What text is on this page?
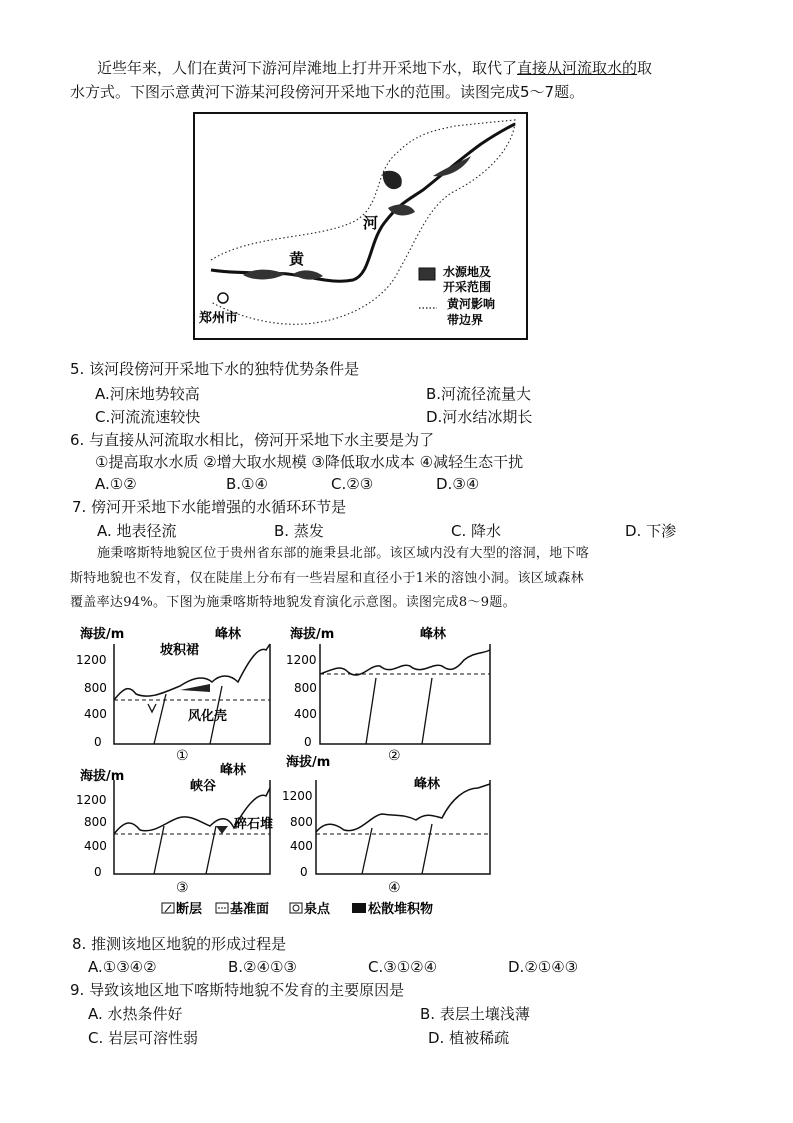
近些年来，人们在黄河下游河岸滩地上打井开采地下水，取代了直接从河流取水的取
水方式。下图示意黄河下游某河段傍河开采地下水的范围。读图完成5～7题。
黄
河
郑州市
水源地及
开采范围
黄河影响
带边界
5. 该河段傍河开采地下水的独特优势条件是
A.河床地势较高	B.河流径流量大
C.河流流速较快	D.河水结冰期长
6. 与直接从河流取水相比，傍河开采地下水主要是为了
①提高取水水质 ②增大取水规模 ③降低取水成本 ④减轻生态干扰
A.①②	B.①④	C.②③	D.③④
7. 傍河开采地下水能增强的水循环环节是
A. 地表径流	B. 蒸发	C. 降水	D. 下渗
施秉喀斯特地貌区位于贵州省东部的施秉县北部。该区域内没有大型的溶洞，地下喀
斯特地貌也不发育，仅在陡崖上分布有一些岩屋和直径小于1米的溶蚀小洞。该区域森林
覆盖率达94%。下图为施秉喀斯特地貌发育演化示意图。读图完成8～9题。
海拔/m
1200
800
400
0
坡积裙
峰林
风化壳
①
海拔/m
1200
800
400
0
峰林
②
海拔/m
1200
800
400
0
峡谷
峰林
碎石堆
③
海拔/m
1200
800
400
0
峰林
④
断层 基准面	泉点	松散堆积物
8. 推测该地区地貌的形成过程是
A.①③④②	B.②④①③	C.③①②④	D.②①④③
9. 导致该地区地下喀斯特地貌不发育的主要原因是
A. 水热条件好	B. 表层土壤浅薄
C. 岩层可溶性弱	D. 植被稀疏
